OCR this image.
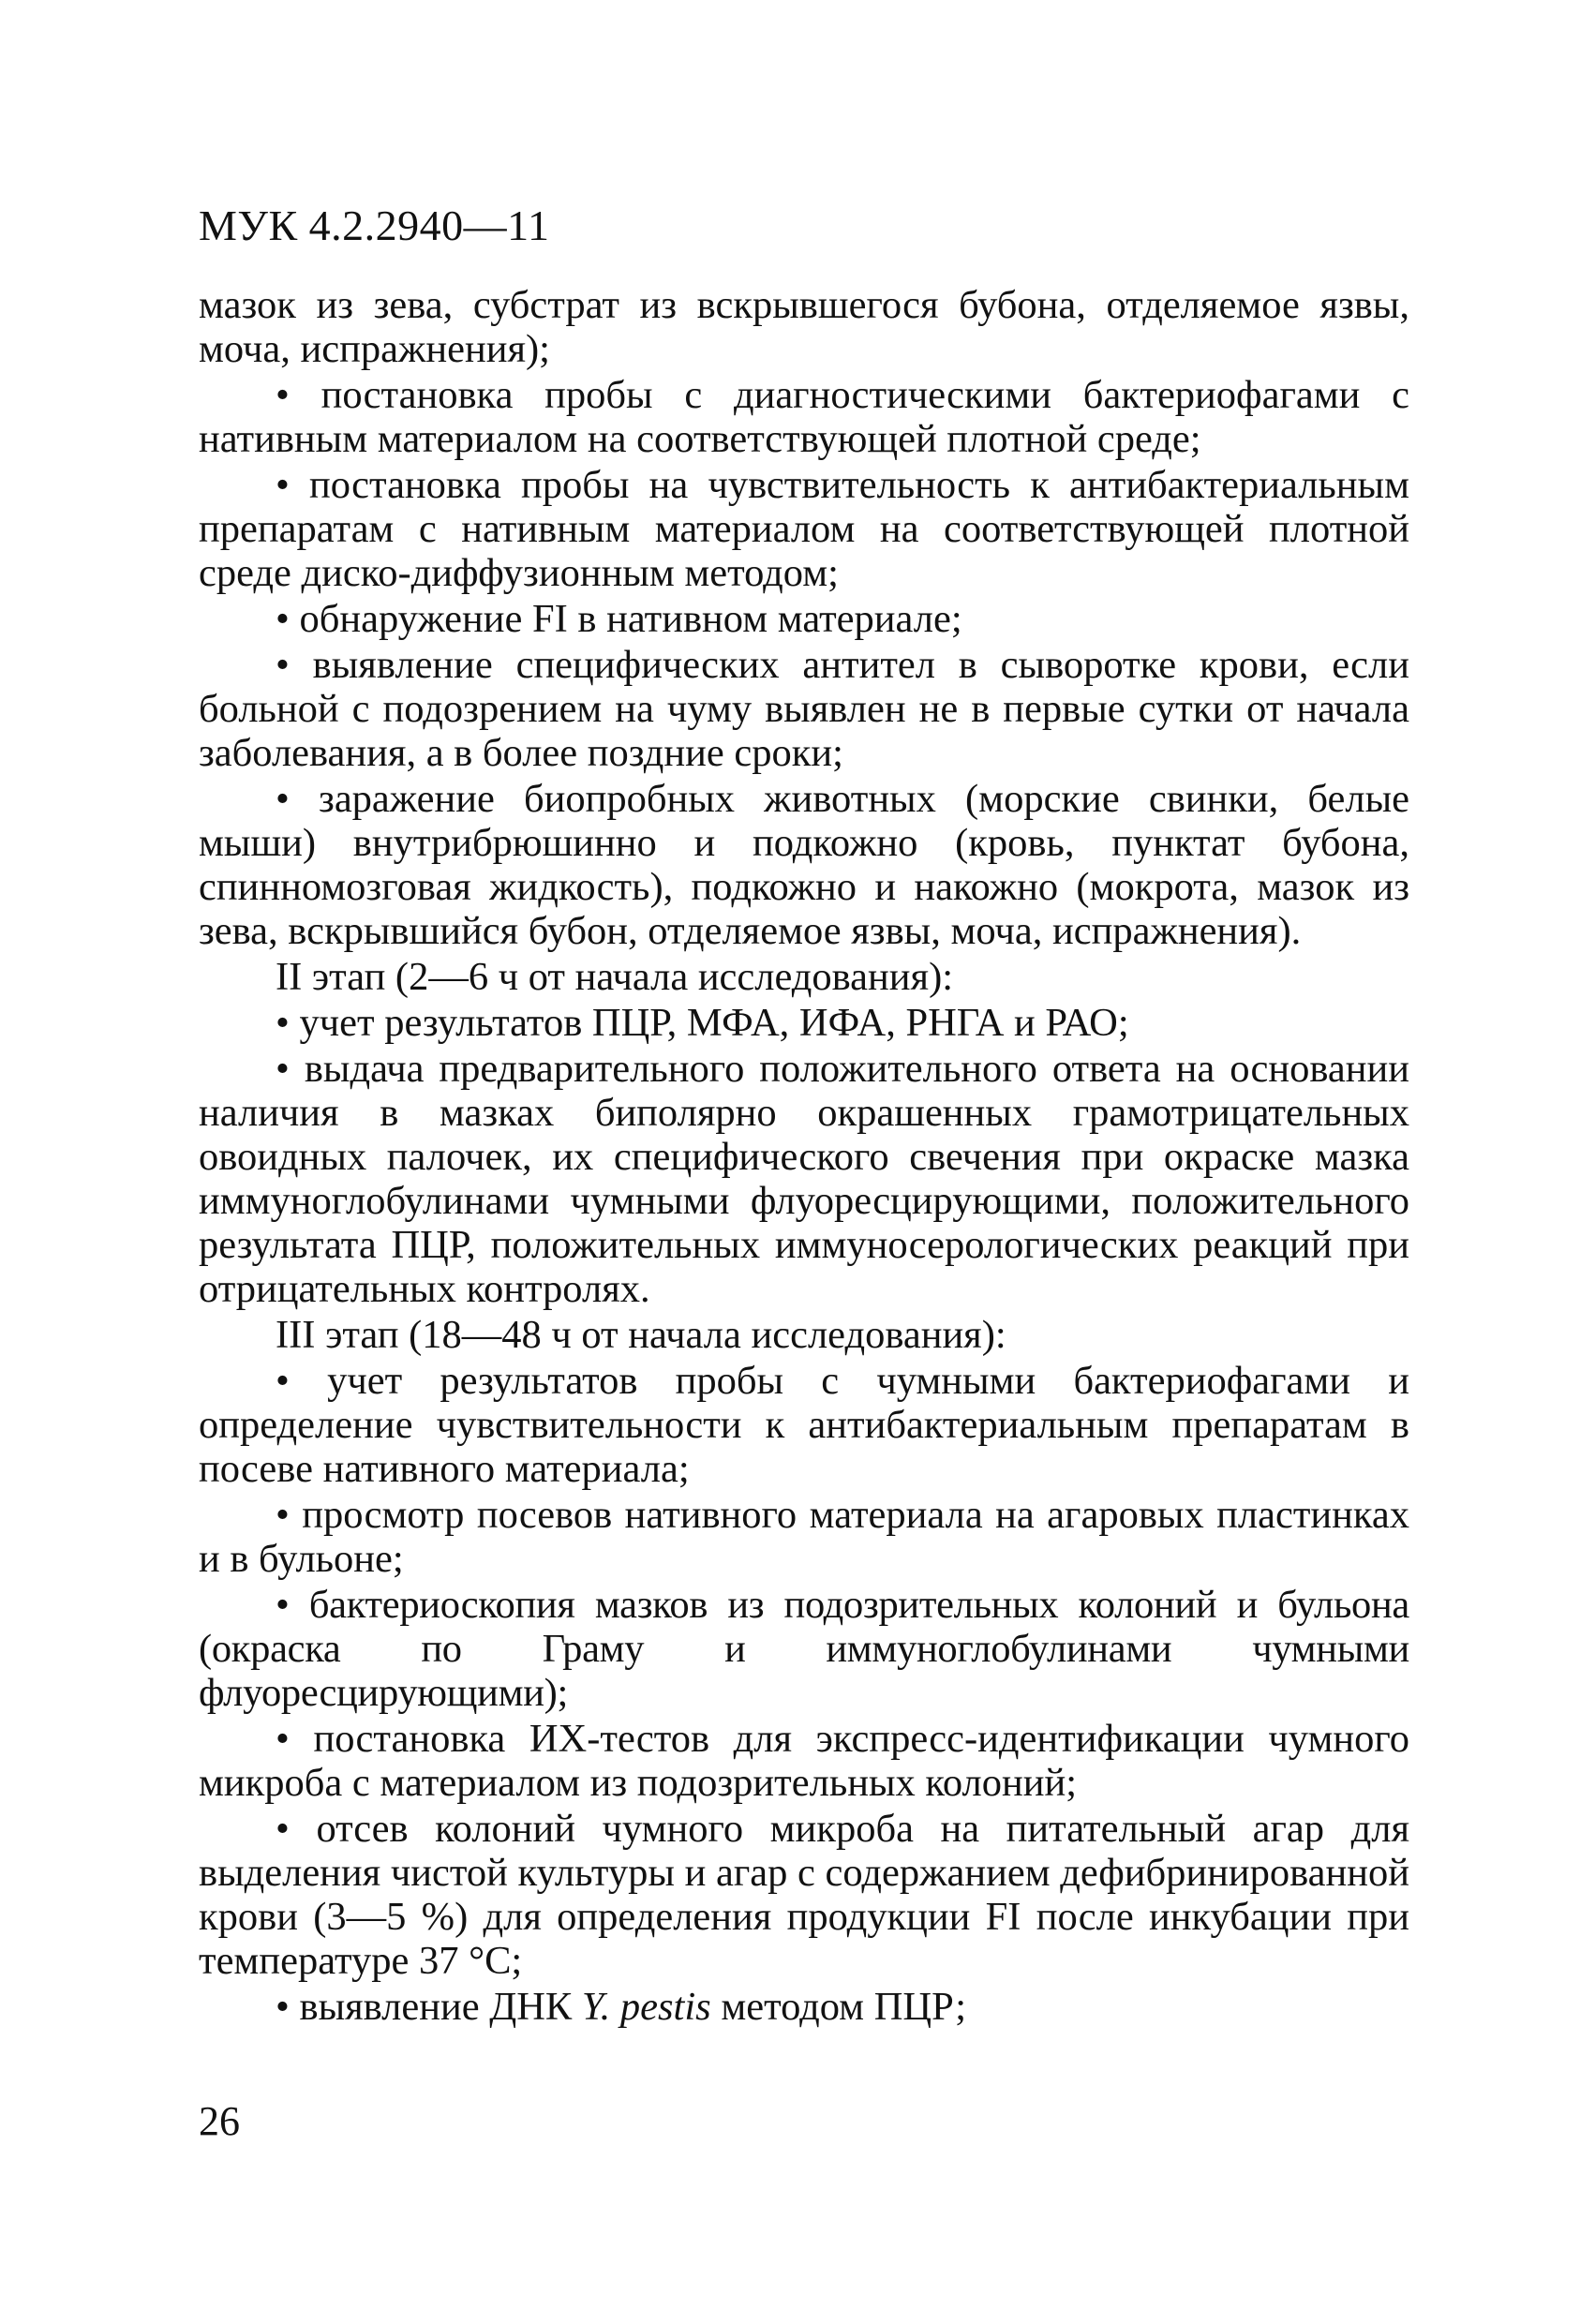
МУК 4.2.2940—11

мазок из зева, субстрат из вскрывшегося бубона, отделяемое язвы, моча, испражнения);

• постановка пробы с диагностическими бактериофагами с нативным материалом на соответствующей плотной среде;

• постановка пробы на чувствительность к антибактериальным препаратам с нативным материалом на соответствующей плотной среде диско-диффузионным методом;

• обнаружение FI в нативном материале;

• выявление специфических антител в сыворотке крови, если больной с подозрением на чуму выявлен не в первые сутки от начала заболевания, а в более поздние сроки;

• заражение биопробных животных (морские свинки, белые мыши) внутрибрюшинно и подкожно (кровь, пунктат бубона, спинномозговая жидкость), подкожно и накожно (мокрота, мазок из зева, вскрывшийся бубон, отделяемое язвы, моча, испражнения).

II этап (2—6 ч от начала исследования):

• учет результатов ПЦР, МФА, ИФА, РНГА и РАО;

• выдача предварительного положительного ответа на основании наличия в мазках биполярно окрашенных грамотрицательных овоидных палочек, их специфического свечения при окраске мазка иммуноглобулинами чумными флуоресцирующими, положительного результата ПЦР, положительных иммуносерологических реакций при отрицательных контролях.

III этап (18—48 ч от начала исследования):

• учет результатов пробы с чумными бактериофагами и определение чувствительности к антибактериальным препаратам в посеве нативного материала;

• просмотр посевов нативного материала на агаровых пластинках и в бульоне;

• бактериоскопия мазков из подозрительных колоний и бульона (окраска по Граму и иммуноглобулинами чумными флуоресцирующими);

• постановка ИХ-тестов для экспресс-идентификации чумного микроба с материалом из подозрительных колоний;

• отсев колоний чумного микроба на питательный агар для выделения чистой культуры и агар с содержанием дефибринированной крови (3—5 %) для определения продукции FI после инкубации при температуре 37 °С;

• выявление ДНК Y. pestis методом ПЦР;

26
